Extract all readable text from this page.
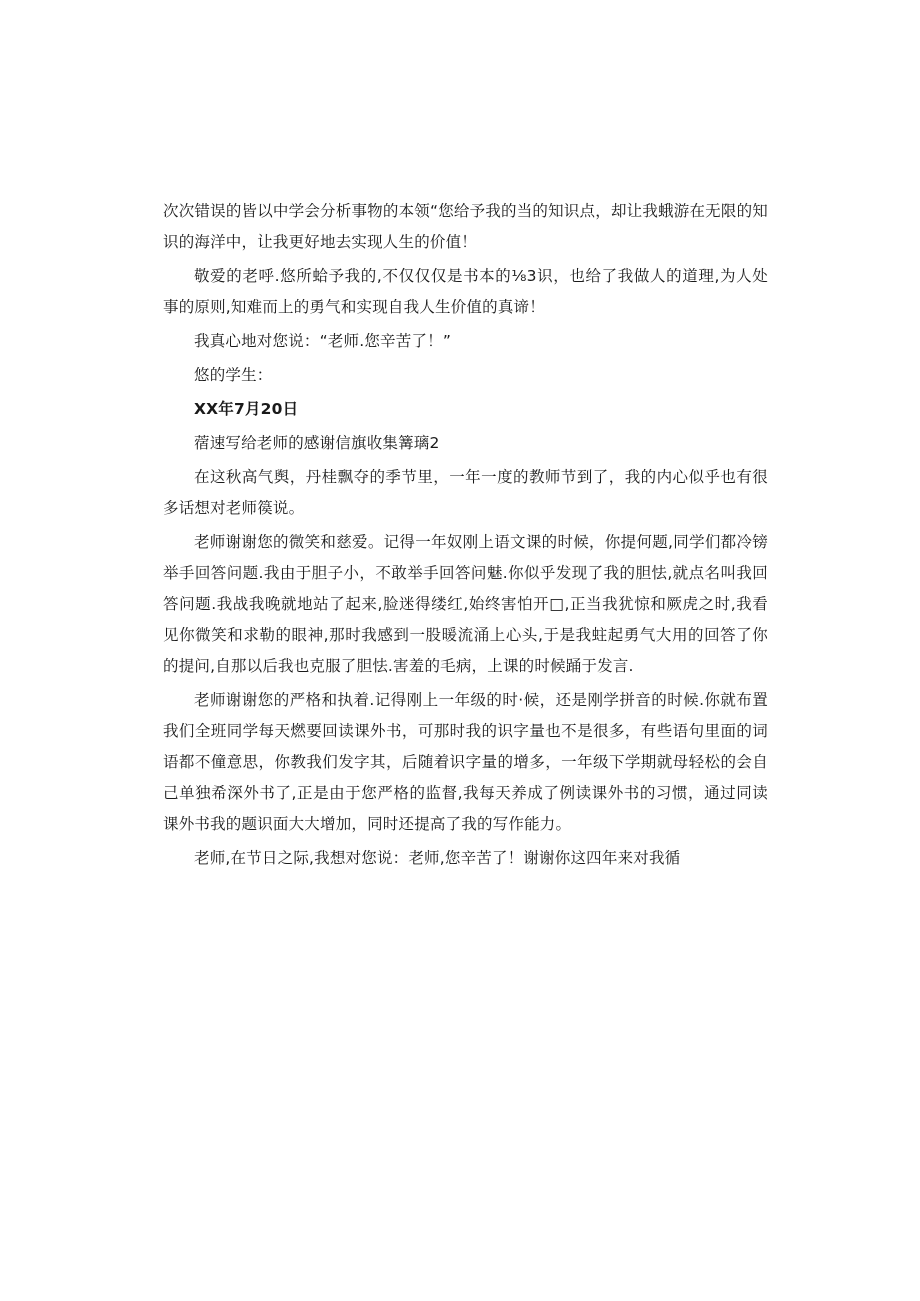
次次错误的皆以中学会分析事物的本领“您给予我的当的知识点，却让我蛾游在无限的知识的海洋中，让我更好地去实现人生的价值！

敬爱的老呼.悠所蛤予我的,不仅仅仅是书本的⅛3识，也给了我做人的道理,为人处事的原则,知难而上的勇气和实现自我人生价值的真谛！

我真心地对您说：“老师.您辛苦了！”

悠的学生：

XX年7月20日

蓿速写给老师的感谢信旗收集篝璃2

在这秋高气舆，丹桂飘夺的季节里，一年一度的教师节到了，我的内心似乎也有很多话想对老师篌说。

老师谢谢您的微笑和慈爱。记得一年奴刚上语文课的时候，你提何题,同学们都冷镑举手回答问题.我由于胆子小，不敢举手回答问魅.你似乎发现了我的胆怯,就点名叫我回答问题.我战我晚就地站了起来,脸迷得缕红,始终害怕开□,正当我犹惊和厥虎之时,我看见你微笑和求勒的眼神,那时我感到一股暖流涌上心头,于是我蛀起勇气大用的回答了你的提问,自那以后我也克服了胆怯.害羞的毛病，上课的时候踊于发言.

老师谢谢您的严格和执着.记得刚上一年级的时·候，还是刚学拼音的时候.你就布置我们全班同学每天燃要回读课外书，可那时我的识字量也不是很多，有些语句里面的词语都不僮意思，你教我们发字其，后随着识字量的增多，一年级下学期就母轻松的会自己单独希深外书了,正是由于您严格的监督,我每天养成了例读课外书的习惯，通过同读课外书我的题识面大大增加，同时还提高了我的写作能力。

老师,在节日之际,我想对您说：老师,您辛苦了！谢谢你这四年来对我循
